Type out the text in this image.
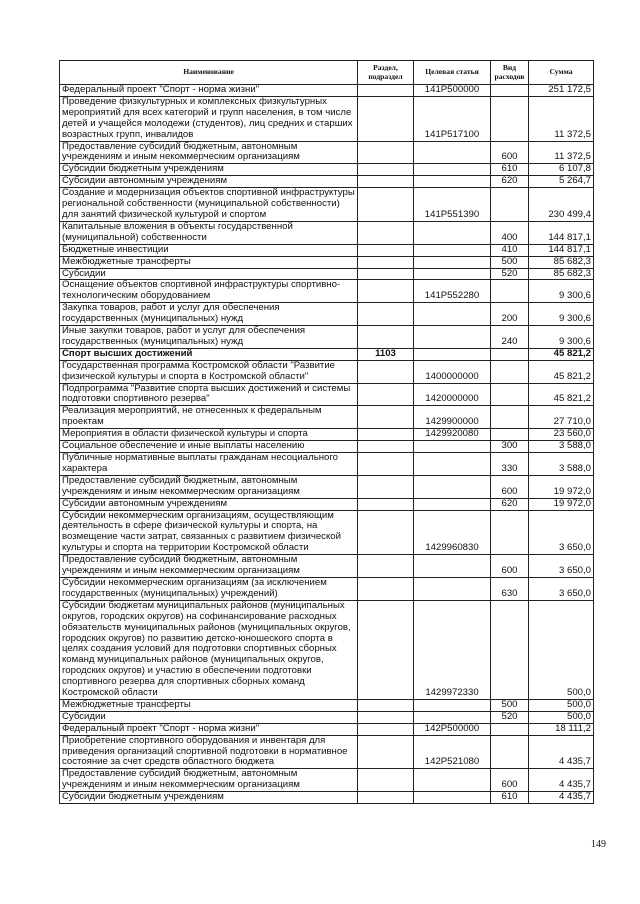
Наименование	Раздел, подраздел	Целевая статья	Вид расходов	Сумма
Федеральный проект "Спорт - норма жизни"		141P500000		251 172,5
Проведение физкультурных и комплексных физкультурных мероприятий для всех категорий и групп населения, в том числе детей и учащейся молодежи (студентов), лиц средних и старших возрастных групп, инвалидов		141P517100		11 372,5
Предоставление субсидий бюджетным, автономным учреждениям и иным некоммерческим организациям			600	11 372,5
Субсидии бюджетным учреждениям			610	6 107,8
Субсидии автономным учреждениям			620	5 264,7
Создание и модернизация объектов спортивной инфраструктуры региональной собственности (муниципальной собственности) для занятий физической культурой и спортом		141P551390		230 499,4
Капитальные вложения в объекты государственной (муниципальной) собственности			400	144 817,1
Бюджетные инвестиции			410	144 817,1
Межбюджетные трансферты			500	85 682,3
Субсидии			520	85 682,3
Оснащение объектов спортивной инфраструктуры спортивно-технологическим оборудованием		141P552280		9 300,6
Закупка товаров, работ и услуг для обеспечения государственных (муниципальных) нужд			200	9 300,6
Иные закупки товаров, работ и услуг для обеспечения государственных (муниципальных) нужд			240	9 300,6
Спорт высших достижений	1103			45 821,2
Государственная программа Костромской области "Развитие физической культуры и спорта в Костромской области"		1400000000		45 821,2
Подпрограмма "Развитие спорта высших достижений и системы подготовки спортивного резерва"		1420000000		45 821,2
Реализация мероприятий, не отнесенных к федеральным проектам		1429900000		27 710,0
Мероприятия в области физической культуры и спорта		1429920080		23 560,0
Социальное обеспечение и иные выплаты населению			300	3 588,0
Публичные нормативные выплаты гражданам несоциального характера			330	3 588,0
Предоставление субсидий бюджетным, автономным учреждениям и иным некоммерческим организациям			600	19 972,0
Субсидии автономным учреждениям			620	19 972,0
Субсидии некоммерческим организациям, осуществляющим деятельность в сфере физической культуры и спорта, на возмещение части затрат, связанных с развитием физической культуры и спорта на территории Костромской области		1429960830		3 650,0
Предоставление субсидий бюджетным, автономным учреждениям и иным некоммерческим организациям			600	3 650,0
Субсидии некоммерческим организациям (за исключением государственных (муниципальных) учреждений)			630	3 650,0
Субсидии бюджетам муниципальных районов (муниципальных округов, городских округов) на софинансирование расходных обязательств муниципальных районов (муниципальных округов, городских округов) по развитию детско-юношеского спорта в целях создания условий для подготовки спортивных сборных команд муниципальных районов (муниципальных округов, городских округов) и участию в обеспечении подготовки спортивного резерва для спортивных сборных команд Костромской области		1429972330		500,0
Межбюджетные трансферты			500	500,0
Субсидии			520	500,0
Федеральный проект "Спорт - норма жизни"		142P500000		18 111,2
Приобретение спортивного оборудования и инвентаря для приведения организаций спортивной подготовки в нормативное состояние за счет средств областного бюджета		142P521080		4 435,7
Предоставление субсидий бюджетным, автономным учреждениям и иным некоммерческим организациям			600	4 435,7
Субсидии бюджетным учреждениям			610	4 435,7
149
